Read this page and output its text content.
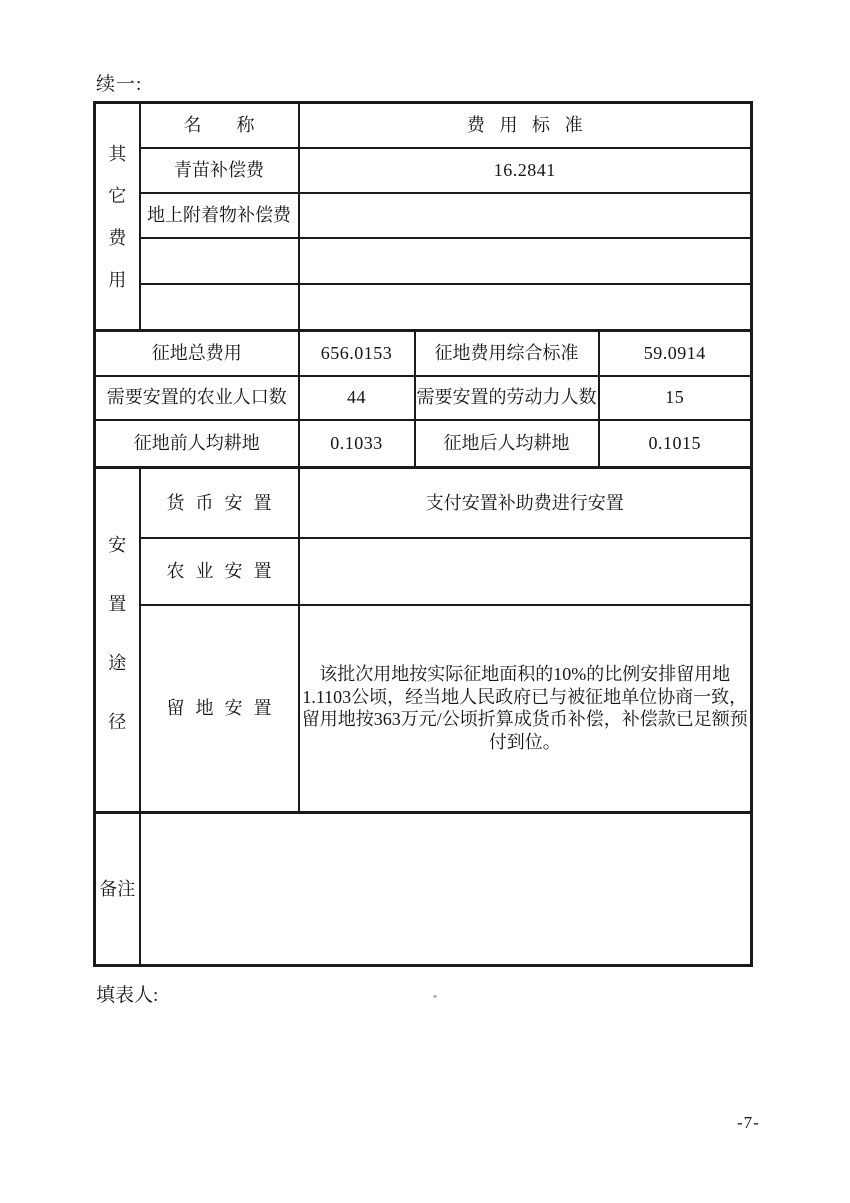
续一:
其它费用	名 称	费 用 标 准		
	青苗补偿费	16.2841		
	地上附着物补偿费			

征地总费用		656.0153	征地费用综合标准	59.0914
需要安置的农业人口数		44	需要安置的劳动力人数	15
征地前人均耕地		0.1033	征地后人均耕地	0.1015

安置途径	货 币 安 置	支付安置补助费进行安置		
	农 业 安 置			
	留 地 安 置	该批次用地按实际征地面积的10%的比例安排留用地1.1103公顷，经当地人民政府已与被征地单位协商一致，留用地按363万元/公顷折算成货币补偿，补偿款已足额预付到位。		
备注				
填表人:
-7-
